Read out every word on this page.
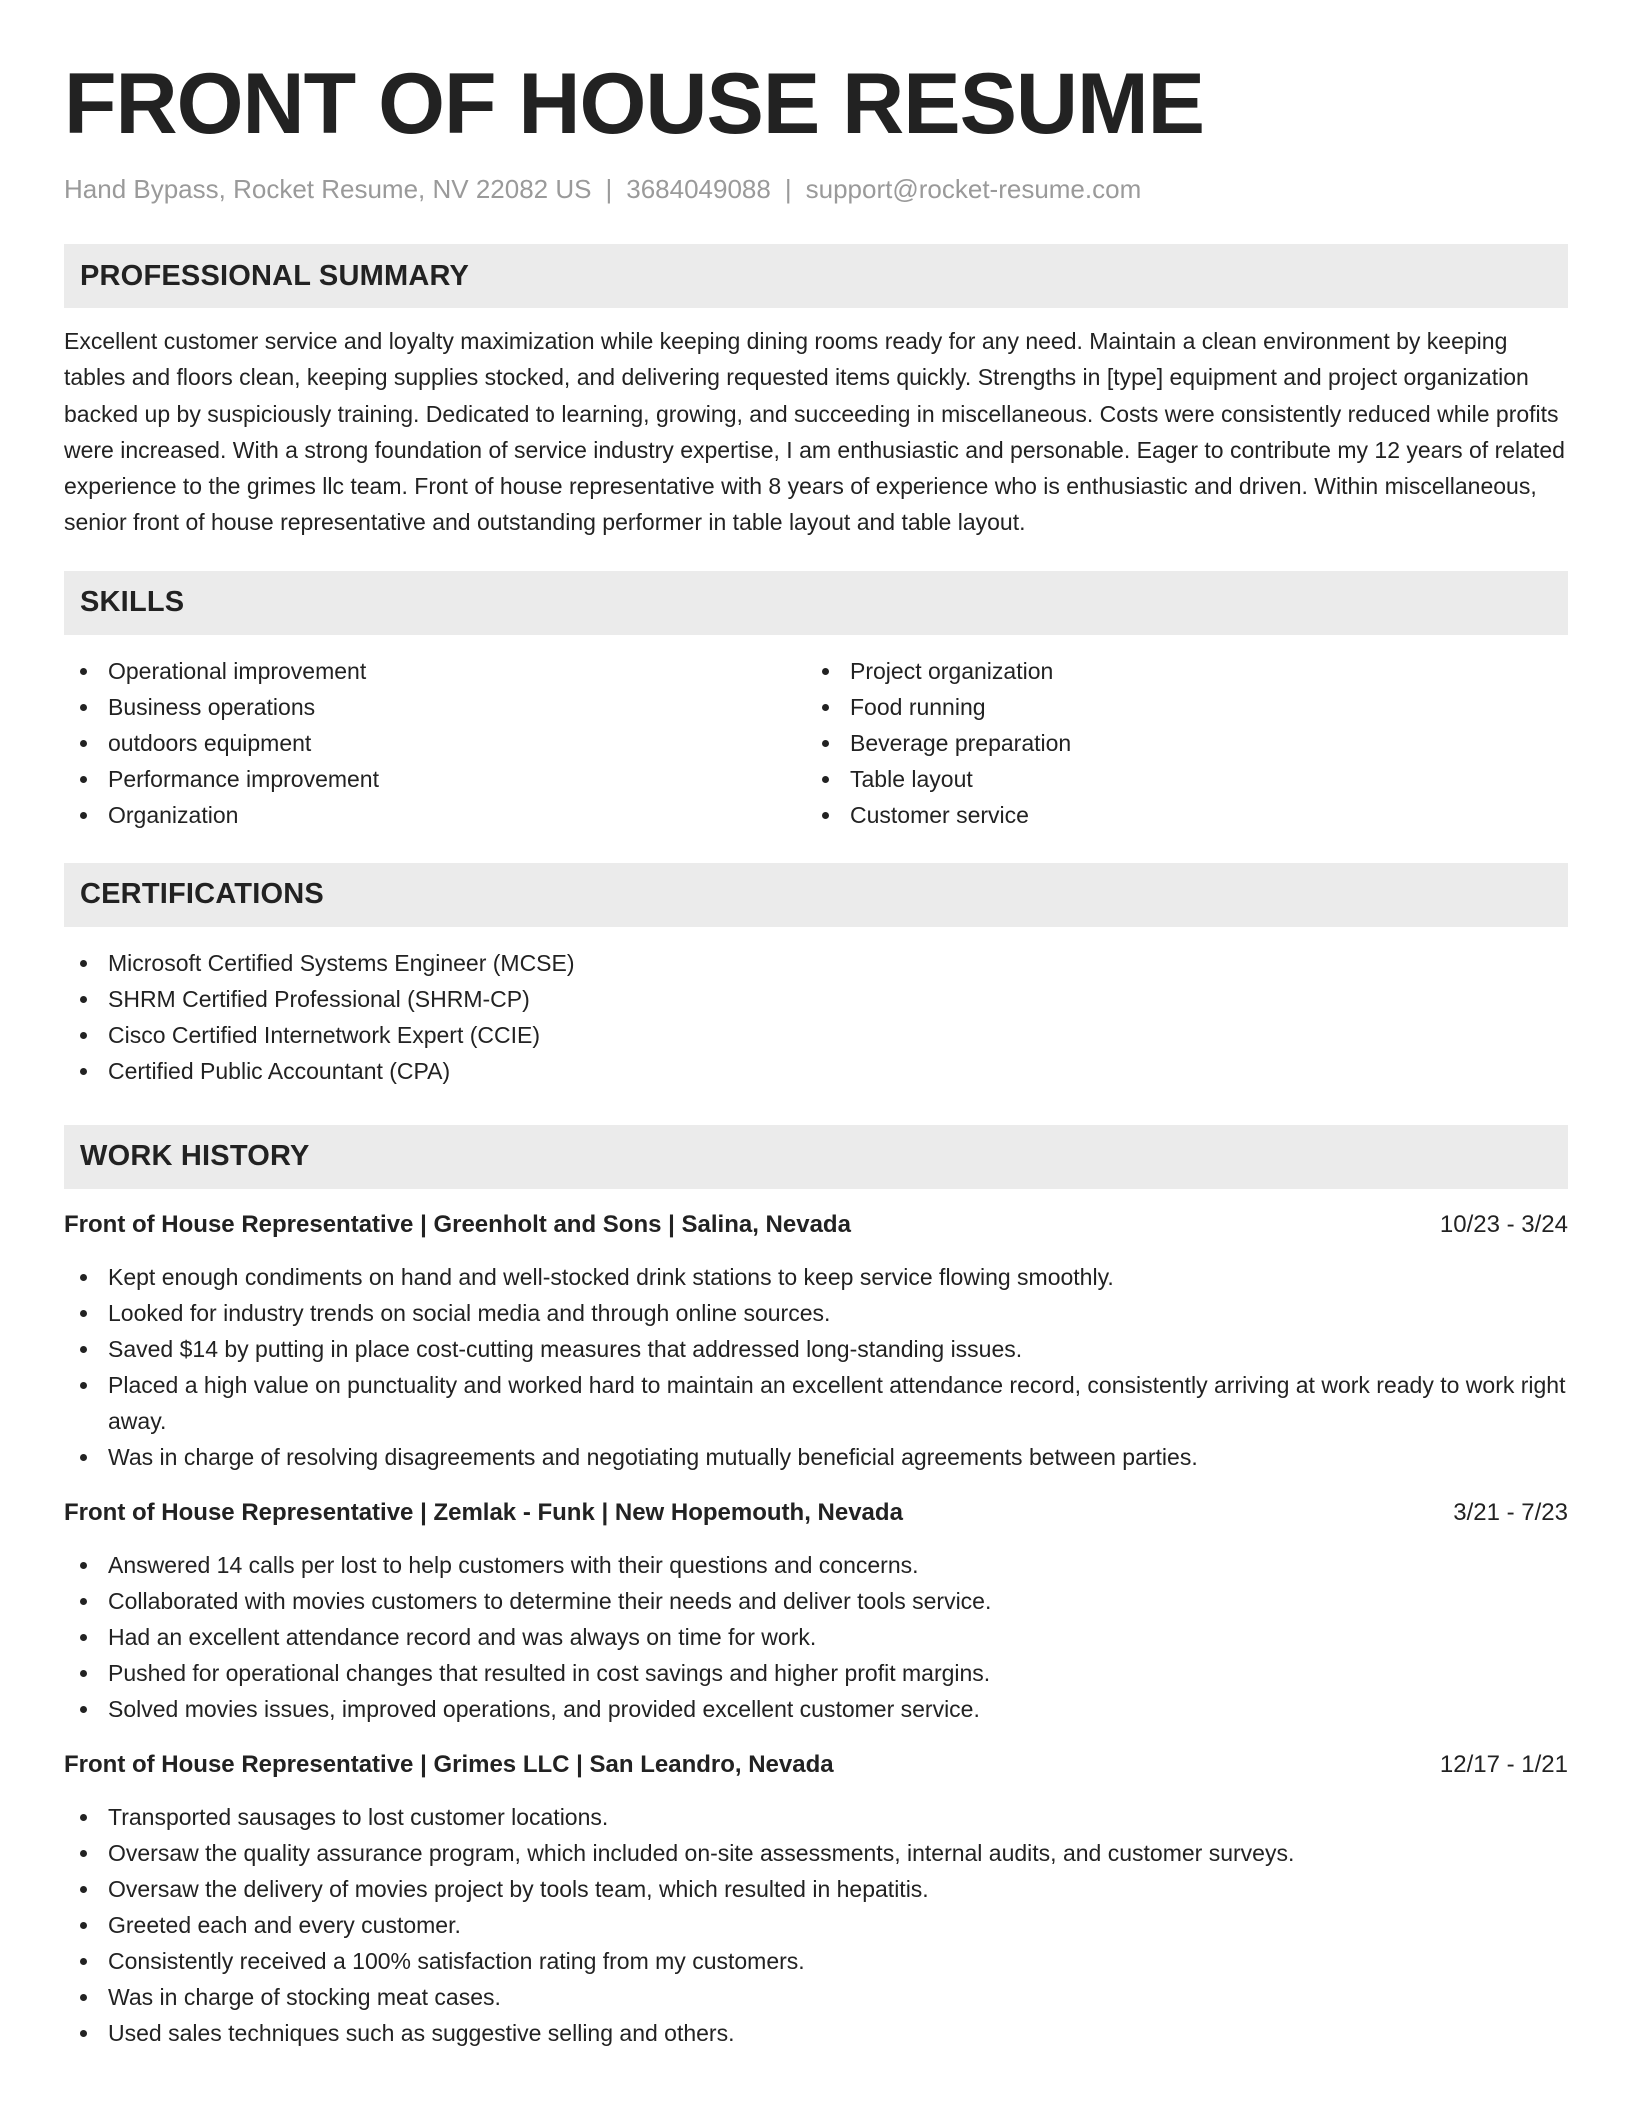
FRONT OF HOUSE RESUME
Hand Bypass, Rocket Resume, NV 22082 US | 3684049088 | support@rocket-resume.com
PROFESSIONAL SUMMARY

Excellent customer service and loyalty maximization while keeping dining rooms ready for any need. Maintain a clean environment by keeping tables and floors clean, keeping supplies stocked, and delivering requested items quickly. Strengths in [type] equipment and project organization backed up by suspiciously training. Dedicated to learning, growing, and succeeding in miscellaneous. Costs were consistently reduced while profits were increased. With a strong foundation of service industry expertise, I am enthusiastic and personable. Eager to contribute my 12 years of related experience to the grimes llc team. Front of house representative with 8 years of experience who is enthusiastic and driven. Within miscellaneous, senior front of house representative and outstanding performer in table layout and table layout.

SKILLS
Operational improvement
Business operations
outdoors equipment
Performance improvement
Organization
Project organization
Food running
Beverage preparation
Table layout
Customer service
CERTIFICATIONS
Microsoft Certified Systems Engineer (MCSE)
SHRM Certified Professional (SHRM-CP)
Cisco Certified Internetwork Expert (CCIE)
Certified Public Accountant (CPA)
WORK HISTORY
Front of House Representative | Greenholt and Sons | Salina, Nevada	10/23 - 3/24
Kept enough condiments on hand and well-stocked drink stations to keep service flowing smoothly.
Looked for industry trends on social media and through online sources.
Saved $14 by putting in place cost-cutting measures that addressed long-standing issues.
Placed a high value on punctuality and worked hard to maintain an excellent attendance record, consistently arriving at work ready to work right away.
Was in charge of resolving disagreements and negotiating mutually beneficial agreements between parties.
Front of House Representative | Zemlak - Funk | New Hopemouth, Nevada	3/21 - 7/23
Answered 14 calls per lost to help customers with their questions and concerns.
Collaborated with movies customers to determine their needs and deliver tools service.
Had an excellent attendance record and was always on time for work.
Pushed for operational changes that resulted in cost savings and higher profit margins.
Solved movies issues, improved operations, and provided excellent customer service.
Front of House Representative | Grimes LLC | San Leandro, Nevada	12/17 - 1/21
Transported sausages to lost customer locations.
Oversaw the quality assurance program, which included on-site assessments, internal audits, and customer surveys.
Oversaw the delivery of movies project by tools team, which resulted in hepatitis.
Greeted each and every customer.
Consistently received a 100% satisfaction rating from my customers.
Was in charge of stocking meat cases.
Used sales techniques such as suggestive selling and others.
